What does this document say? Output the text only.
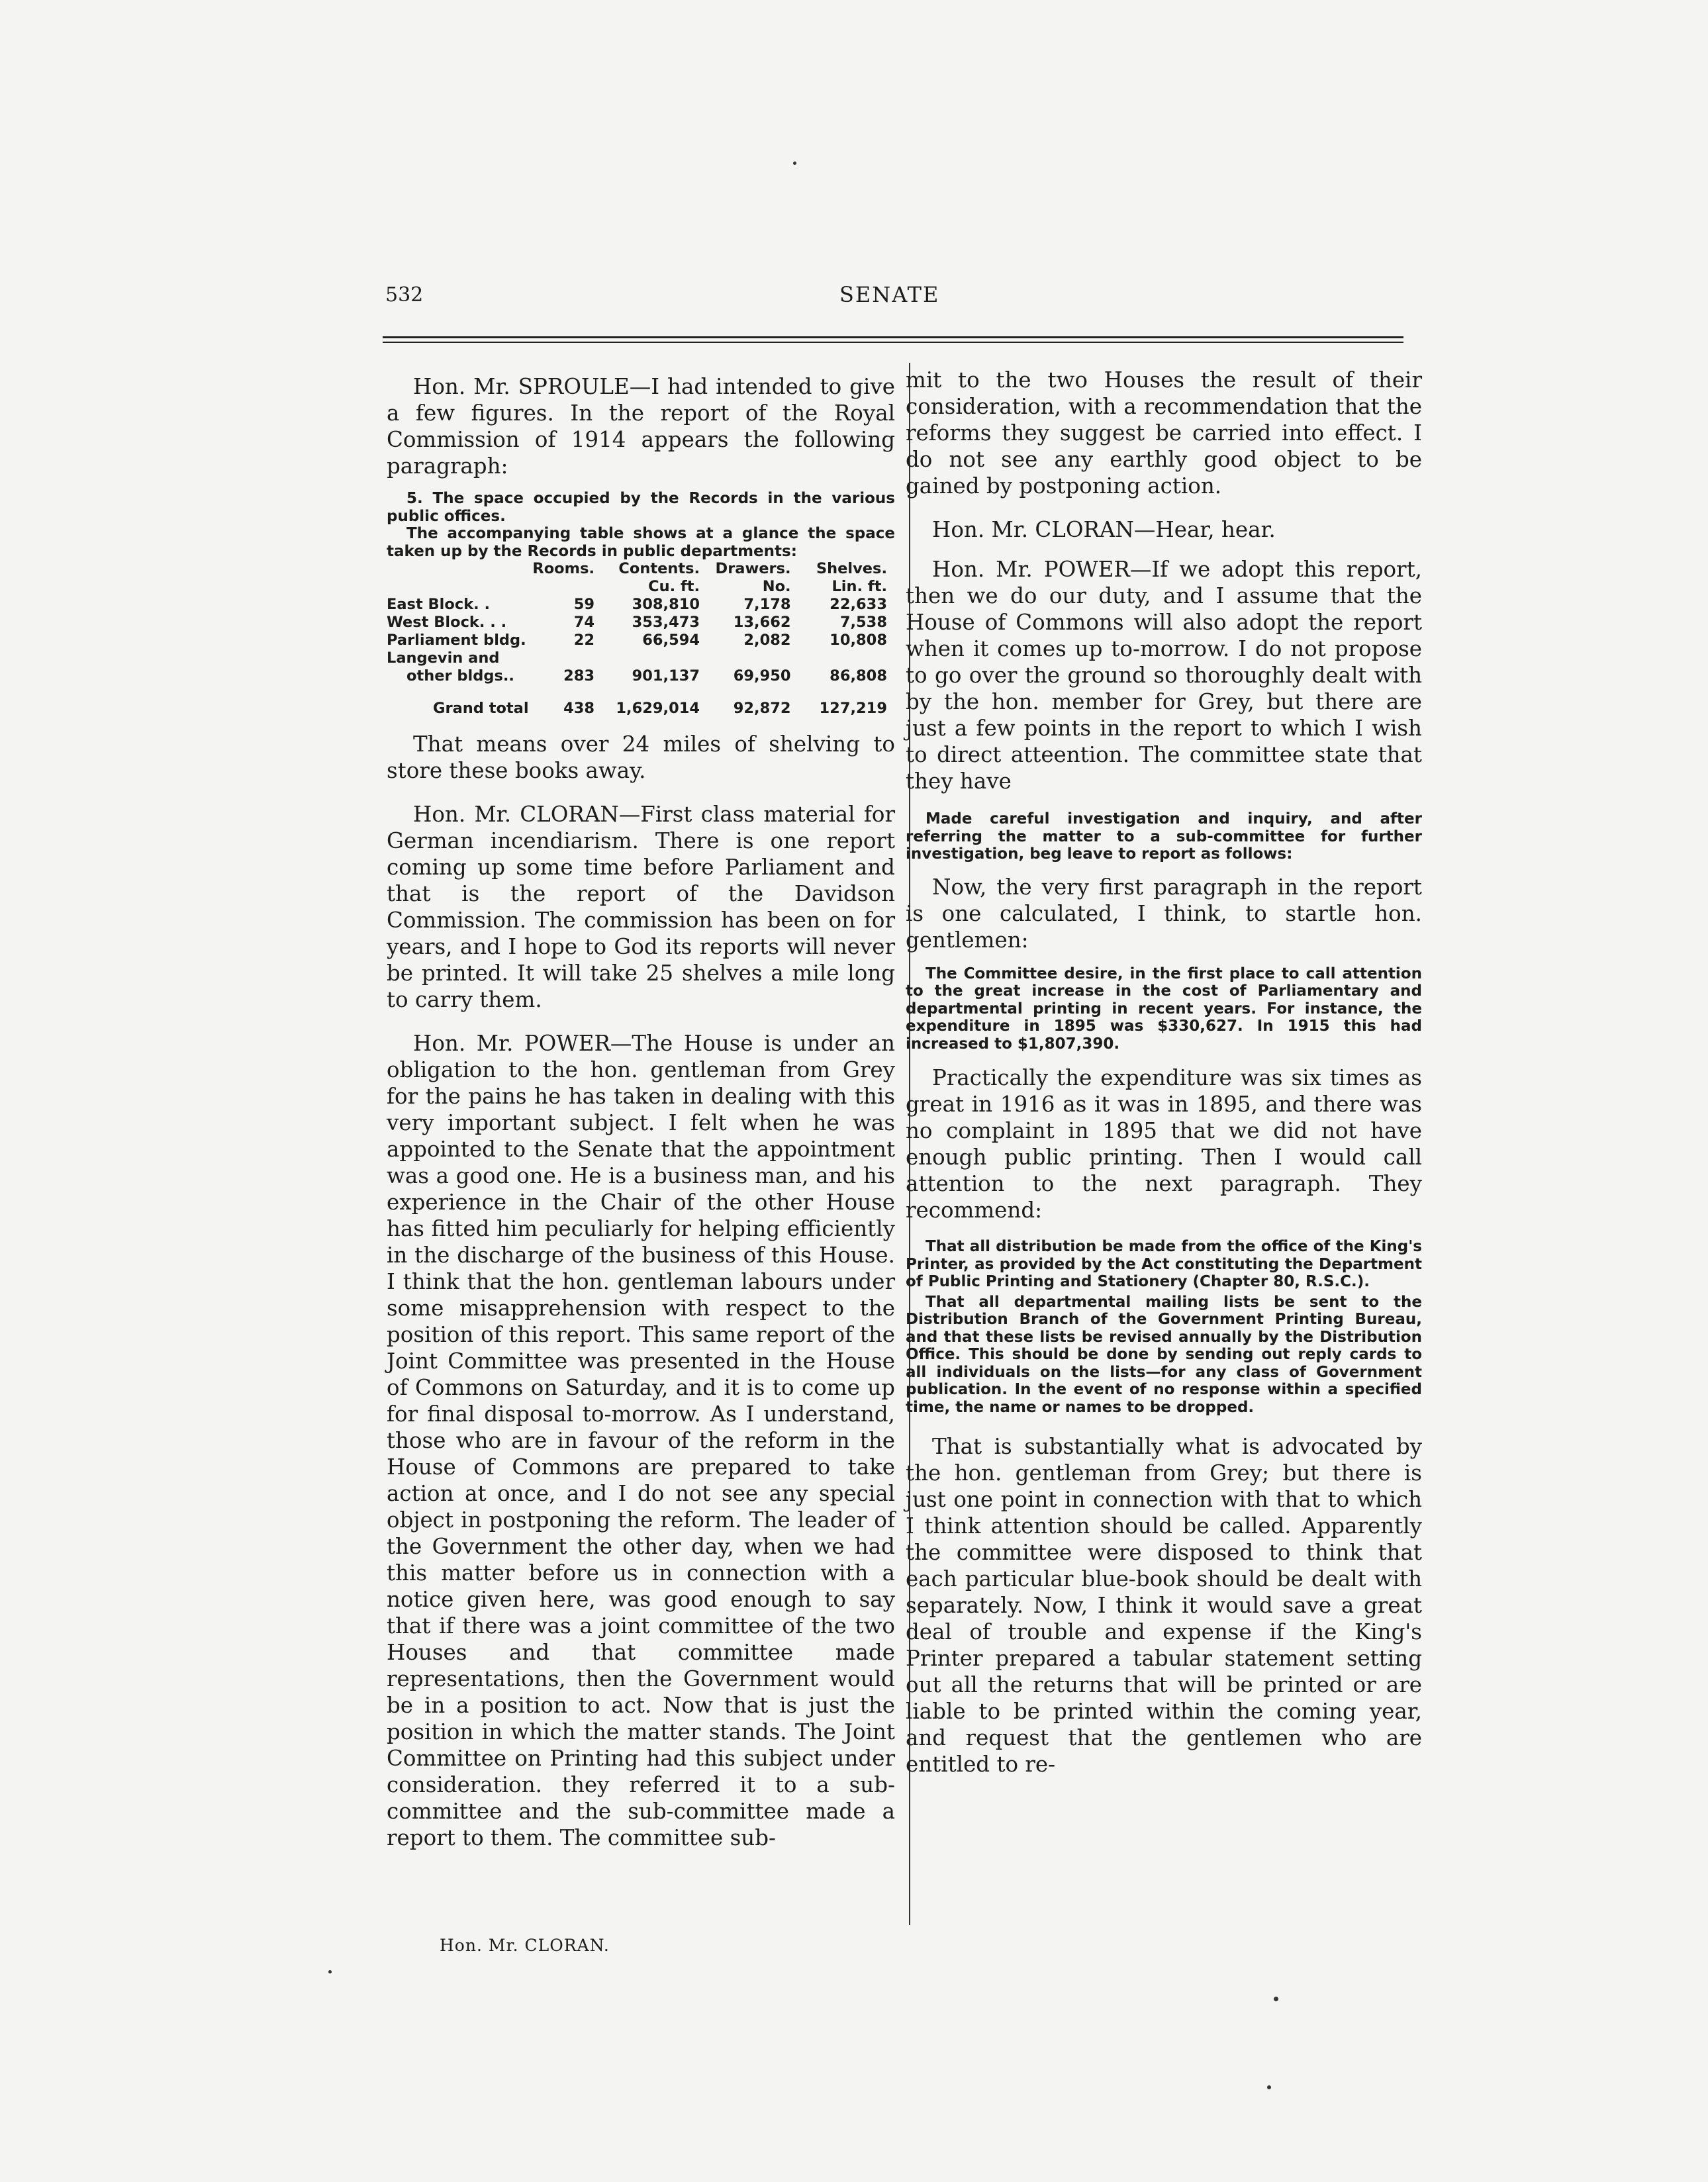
532	SENATE

Hon. Mr. SPROULE—I had intended to give a few figures. In the report of the Royal Commission of 1914 appears the following paragraph:

5. The space occupied by the Records in the various public offices.

The accompanying table shows at a glance the space taken up by the Records in public departments:

	Rooms.	Contents.	Drawers.	Shelves.
		Cu. ft.	No.	Lin. ft.
East Block. .	59	308,810	7,178	22,633
West Block. . .	74	353,473	13,662	7,538
Parliament bldg.	22	66,594	2,082	10,808
Langevin and				
other bldgs..	283	901,137	69,950	86,808
Grand total	438	1,629,014	92,872	127,219

That means over 24 miles of shelving to store these books away.

Hon. Mr. CLORAN—First class material for German incendiarism. There is one report coming up some time before Parliament and that is the report of the Davidson Commission. The commission has been on for years, and I hope to God its reports will never be printed. It will take 25 shelves a mile long to carry them.

Hon. Mr. POWER—The House is under an obligation to the hon. gentleman from Grey for the pains he has taken in dealing with this very important subject. I felt when he was appointed to the Senate that the appointment was a good one. He is a business man, and his experience in the Chair of the other House has fitted him peculiarly for helping efficiently in the discharge of the business of this House. I think that the hon. gentleman labours under some misapprehension with respect to the position of this report. This same report of the Joint Committee was presented in the House of Commons on Saturday, and it is to come up for final disposal to-morrow. As I understand, those who are in favour of the reform in the House of Commons are prepared to take action at once, and I do not see any special object in postponing the reform. The leader of the Government the other day, when we had this matter before us in connection with a notice given here, was good enough to say that if there was a joint committee of the two Houses and that committee made representations, then the Government would be in a position to act. Now that is just the position in which the matter stands. The Joint Committee on Printing had this subject under consideration. they referred it to a sub-committee and the sub-committee made a report to them. The committee sub-

mit to the two Houses the result of their consideration, with a recommendation that the reforms they suggest be carried into effect. I do not see any earthly good object to be gained by postponing action.

Hon. Mr. CLORAN—Hear, hear.

Hon. Mr. POWER—If we adopt this report, then we do our duty, and I assume that the House of Commons will also adopt the report when it comes up to-morrow. I do not propose to go over the ground so thoroughly dealt with by the hon. member for Grey, but there are just a few points in the report to which I wish to direct atteention. The committee state that they have

Made careful investigation and inquiry, and after referring the matter to a sub-committee for further investigation, beg leave to report as follows:

Now, the very first paragraph in the report is one calculated, I think, to startle hon. gentlemen:

The Committee desire, in the first place to call attention to the great increase in the cost of Parliamentary and departmental printing in recent years. For instance, the expenditure in 1895 was $330,627. In 1915 this had increased to $1,807,390.

Practically the expenditure was six times as great in 1916 as it was in 1895, and there was no complaint in 1895 that we did not have enough public printing. Then I would call attention to the next paragraph. They recommend:

That all distribution be made from the office of the King's Printer, as provided by the Act constituting the Department of Public Printing and Stationery (Chapter 80, R.S.C.).

That all departmental mailing lists be sent to the Distribution Branch of the Government Printing Bureau, and that these lists be revised annually by the Distribution Office. This should be done by sending out reply cards to all individuals on the lists—for any class of Government publication. In the event of no response within a specified time, the name or names to be dropped.

That is substantially what is advocated by the hon. gentleman from Grey; but there is just one point in connection with that to which I think attention should be called. Apparently the committee were disposed to think that each particular blue-book should be dealt with separately. Now, I think it would save a great deal of trouble and expense if the King's Printer prepared a tabular statement setting out all the returns that will be printed or are liable to be printed within the coming year, and request that the gentlemen who are entitled to re-

Hon. Mr. CLORAN.
